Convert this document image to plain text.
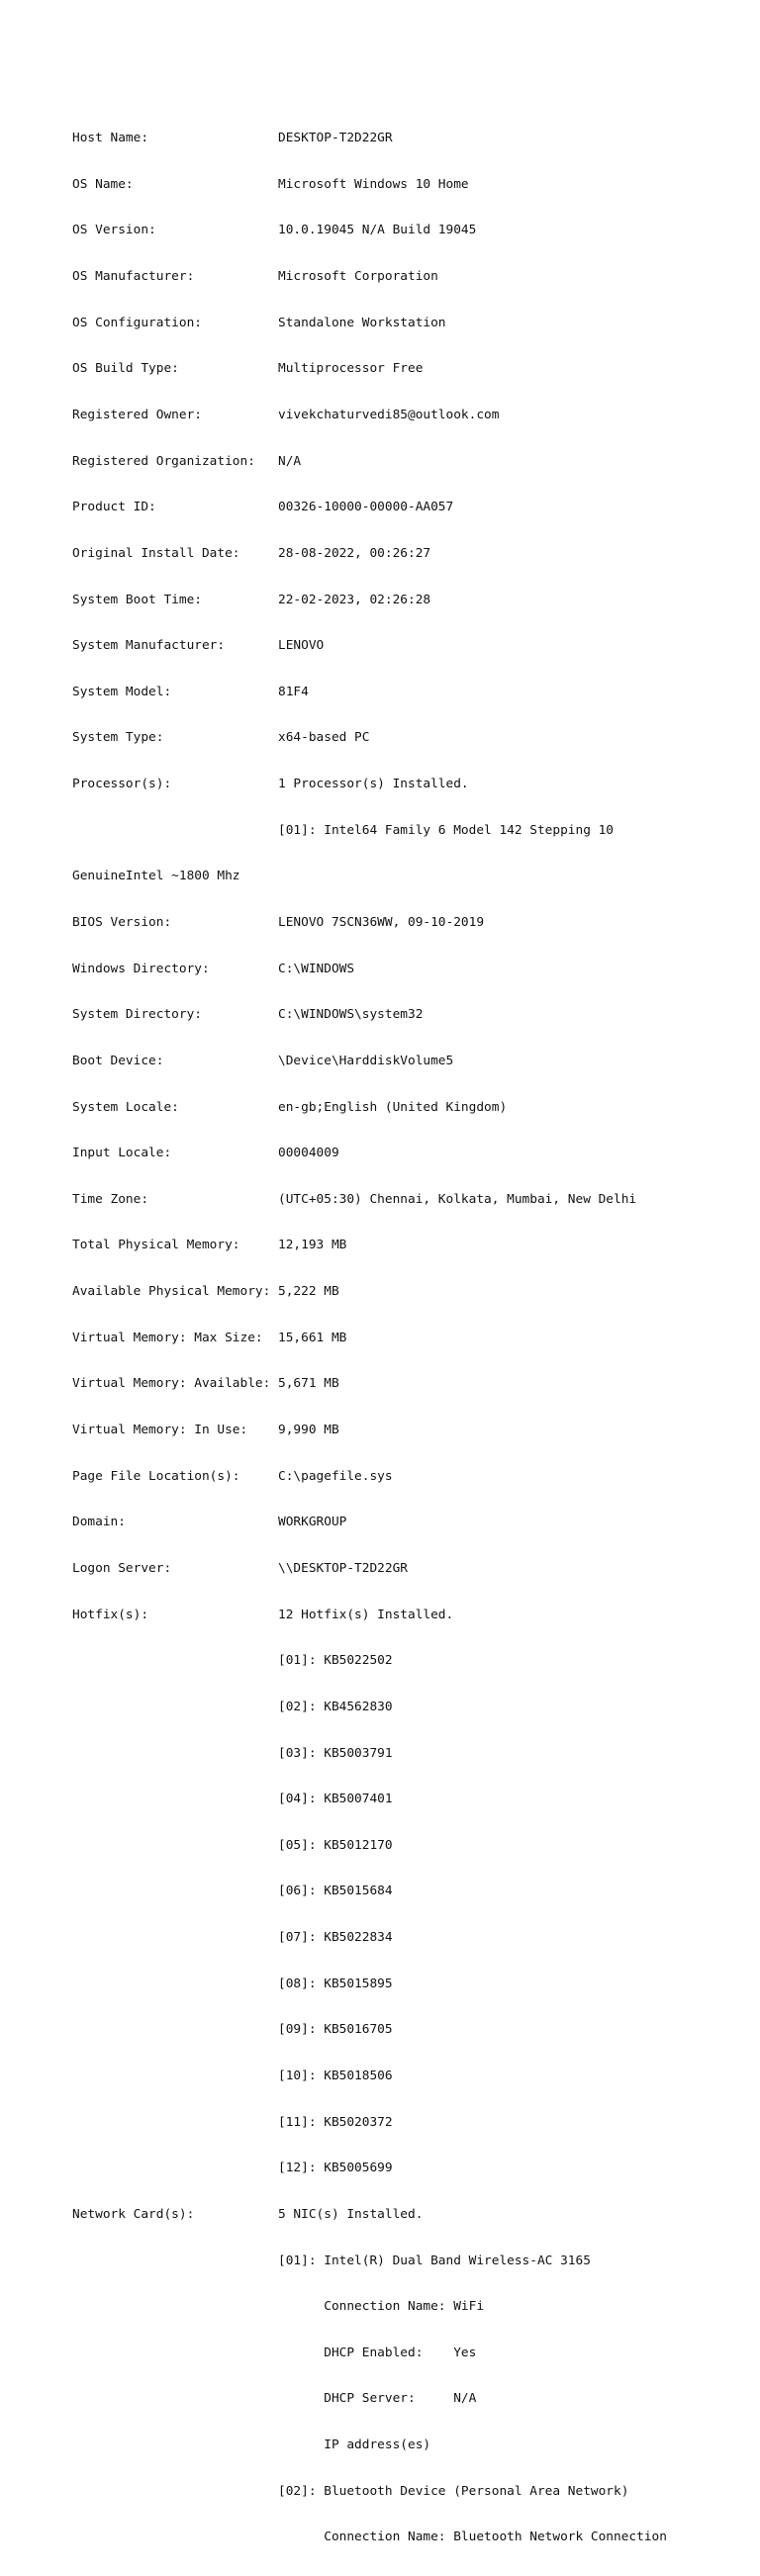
Host Name:                 DESKTOP-T2D22GR

OS Name:                   Microsoft Windows 10 Home

OS Version:                10.0.19045 N/A Build 19045

OS Manufacturer:           Microsoft Corporation

OS Configuration:          Standalone Workstation

OS Build Type:             Multiprocessor Free

Registered Owner:          vivekchaturvedi85@outlook.com

Registered Organization:   N/A

Product ID:                00326-10000-00000-AA057

Original Install Date:     28-08-2022, 00:26:27

System Boot Time:          22-02-2023, 02:26:28

System Manufacturer:       LENOVO

System Model:              81F4

System Type:               x64-based PC

Processor(s):              1 Processor(s) Installed.

[01]: Intel64 Family 6 Model 142 Stepping 10

GenuineIntel ~1800 Mhz

BIOS Version:              LENOVO 7SCN36WW, 09-10-2019

Windows Directory:         C:\WINDOWS

System Directory:          C:\WINDOWS\system32

Boot Device:               \Device\HarddiskVolume5

System Locale:             en-gb;English (United Kingdom)

Input Locale:              00004009

Time Zone:                 (UTC+05:30) Chennai, Kolkata, Mumbai, New Delhi

Total Physical Memory:     12,193 MB

Available Physical Memory: 5,222 MB

Virtual Memory: Max Size:  15,661 MB

Virtual Memory: Available: 5,671 MB

Virtual Memory: In Use:    9,990 MB

Page File Location(s):     C:\pagefile.sys

Domain:                    WORKGROUP

Logon Server:              \\DESKTOP-T2D22GR

Hotfix(s):                 12 Hotfix(s) Installed.

[01]: KB5022502

[02]: KB4562830

[03]: KB5003791

[04]: KB5007401

[05]: KB5012170

[06]: KB5015684

[07]: KB5022834

[08]: KB5015895

[09]: KB5016705

[10]: KB5018506

[11]: KB5020372

[12]: KB5005699

Network Card(s):           5 NIC(s) Installed.

[01]: Intel(R) Dual Band Wireless-AC 3165

Connection Name: WiFi

DHCP Enabled:    Yes

DHCP Server:     N/A

IP address(es)

[02]: Bluetooth Device (Personal Area Network)

Connection Name: Bluetooth Network Connection
